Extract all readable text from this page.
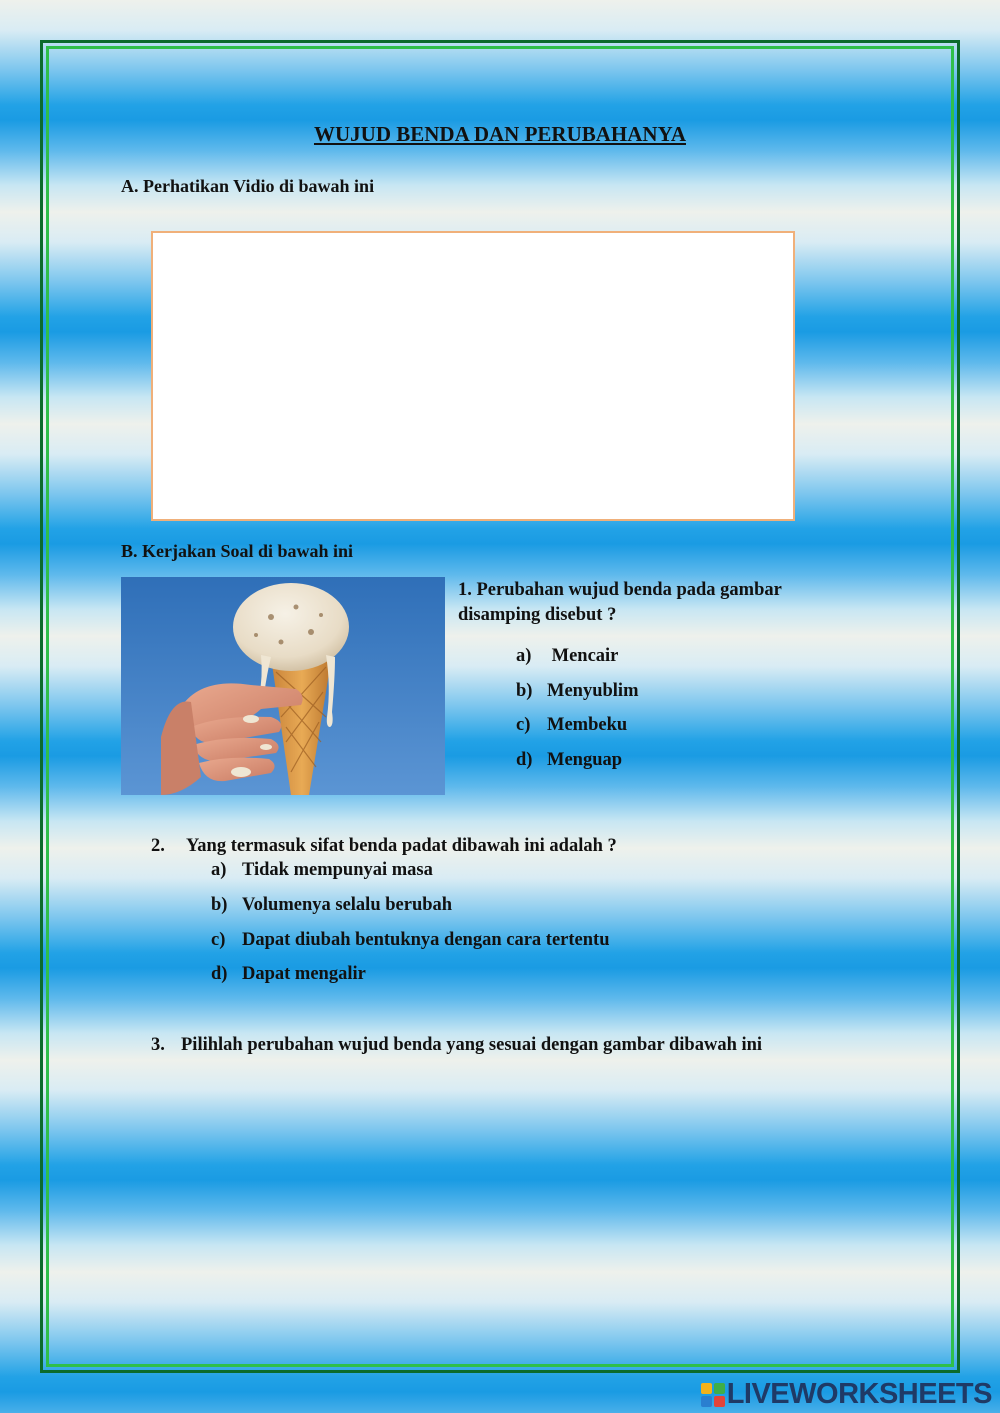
WUJUD BENDA DAN PERUBAHANYA
A. Perhatikan Vidio di bawah ini
B. Kerjakan Soal di bawah ini
1. Perubahan wujud benda pada gambar
disamping disebut ?
a) Mencair
b) Menyublim
c) Membeku
d) Menguap
2. Yang termasuk sifat benda padat dibawah ini adalah ?
a) Tidak mempunyai masa
b) Volumenya selalu berubah
c) Dapat diubah bentuknya dengan cara tertentu
d) Dapat mengalir
3. Pilihlah perubahan wujud benda yang sesuai dengan gambar dibawah ini
LIVEWORKSHEETS
